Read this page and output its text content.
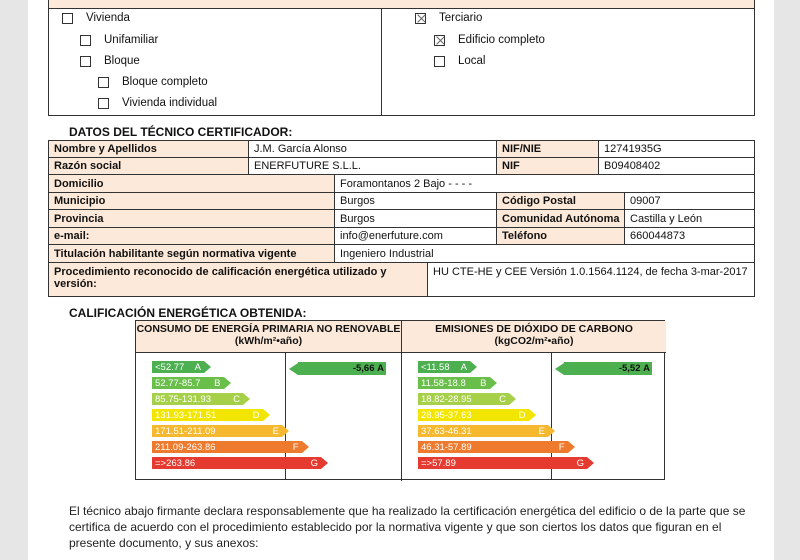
Vivienda
Unifamiliar
Bloque
Bloque completo
Vivienda individual
Terciario
Edificio completo
Local
DATOS DEL TÉCNICO CERTIFICADOR:
Nombre y Apellidos	J.M. García Alonso	NIF/NIE	12741935G
Razón social	ENERFUTURE S.L.L.	NIF	B09408402
Domicilio	Foramontanos 2 Bajo - - - -
Municipio	Burgos	Código Postal	09007
Provincia	Burgos	Comunidad Autónoma Castilla y León
e-mail:	info@enerfuture.com	Teléfono	660044873
Titulación habilitante según normativa vigente	Ingeniero Industrial
Procedimiento reconocido de calificación energética utilizado y versión:
HU CTE-HE y CEE Versión 1.0.1564.1124, de fecha 3-mar-2017
CALIFICACIÓN ENERGÉTICA OBTENIDA:
CONSUMO DE ENERGÍA PRIMARIA NO RENOVABLE (kWh/m²•año)
<52.77 A
52.77-85.7 B
85.75-131.93 C
131.93-171.51	D
171.51-211.09	E
211.09-263.86	F
=>263.86	G
-5,66
A
EMISIONES DE DIÓXIDO DE CARBONO (kgCO2/m²•año)
<11.58 A
11.58-18.8 B
18.82-28.95	C
28.95-37.63	D
37.63-46.31	E
46.31-57.89	F
=>57.89	G
-5,52
A
El técnico abajo firmante declara responsablemente que ha realizado la certificación energética del edificio o de la parte que se certifica de acuerdo con el procedimiento establecido por la normativa vigente y que son ciertos los datos que figuran en el presente documento, y sus anexos:
